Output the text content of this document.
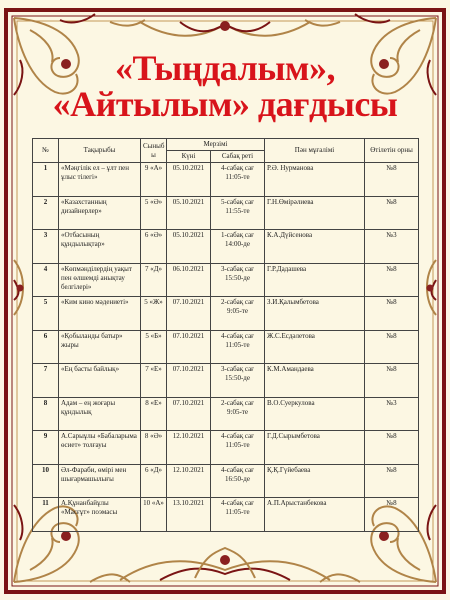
«Тыңдалым»,
«Айтылым» дағдысы
№	Тақырыбы	Сыныб ы	Мерзімі		Пән мұғалімі	Өтілетін орны
			Күні	Сабақ реті		
1	«Мәңгілік ел – ұлт пен ұлыс тілегі»	9 «А»	05.10.2021	4-сабақ сағ 11:05-те	Р.Ә. Нурманова	№8
2	«Казахстанның дизайнерлер»	5 «Ә»	05.10.2021	5-сабақ сағ 11:55-те	Г.Н.Өмірәлиева	№8
3	«Отбасының құндылықтар»	6 «Ә»	05.10.2021	1-сабақ сағ 14:00-де	К.А.Дүйсенова	№3
4	«Көпмәнділердің уақыт пен өлшемді анықтау белгілері»	7 «Д»	06.10.2021	3-сабақ сағ 15:50-де	Г.Р.Дадашева	№8
5	«Ким кино мәдениеті»	5 «Ж»	07.10.2021	2-сабақ сағ 9:05-те	З.И.Қалымбетова	№8
6	«Қобыланды батыр» жыры	5 «Б»	07.10.2021	4-сабақ сағ 11:05-те	Ж.С.Есдәлетова	№8
7	«Ең басты байлық»	7 «Е»	07.10.2021	3-сабақ сағ 15:50-де	К.М.Амандаева	№8
8	Адам – ең жоғары құндылық	8 «Е»	07.10.2021	2-сабақ сағ 9:05-те	В.О.Суеркулова	№3
9	А.Сарыұлы «Бабаларыма өсиет» толғауы	8 «Ә»	12.10.2021	4-сабақ сағ 11:05-те	Г.Д.Сырымбетова	№8
10	Әл-Фараби, өмірі мен шығармашылығы	6 «Д»	12.10.2021	4-сабақ сағ 16:50-де	Қ.Қ.Гүйебаева	№8
11	А.Құнанбайұлы «Масғұт» поэмасы	10 «А»	13.10.2021	4-сабақ сағ 11:05-те	А.П.Арыстанбекова	№8
